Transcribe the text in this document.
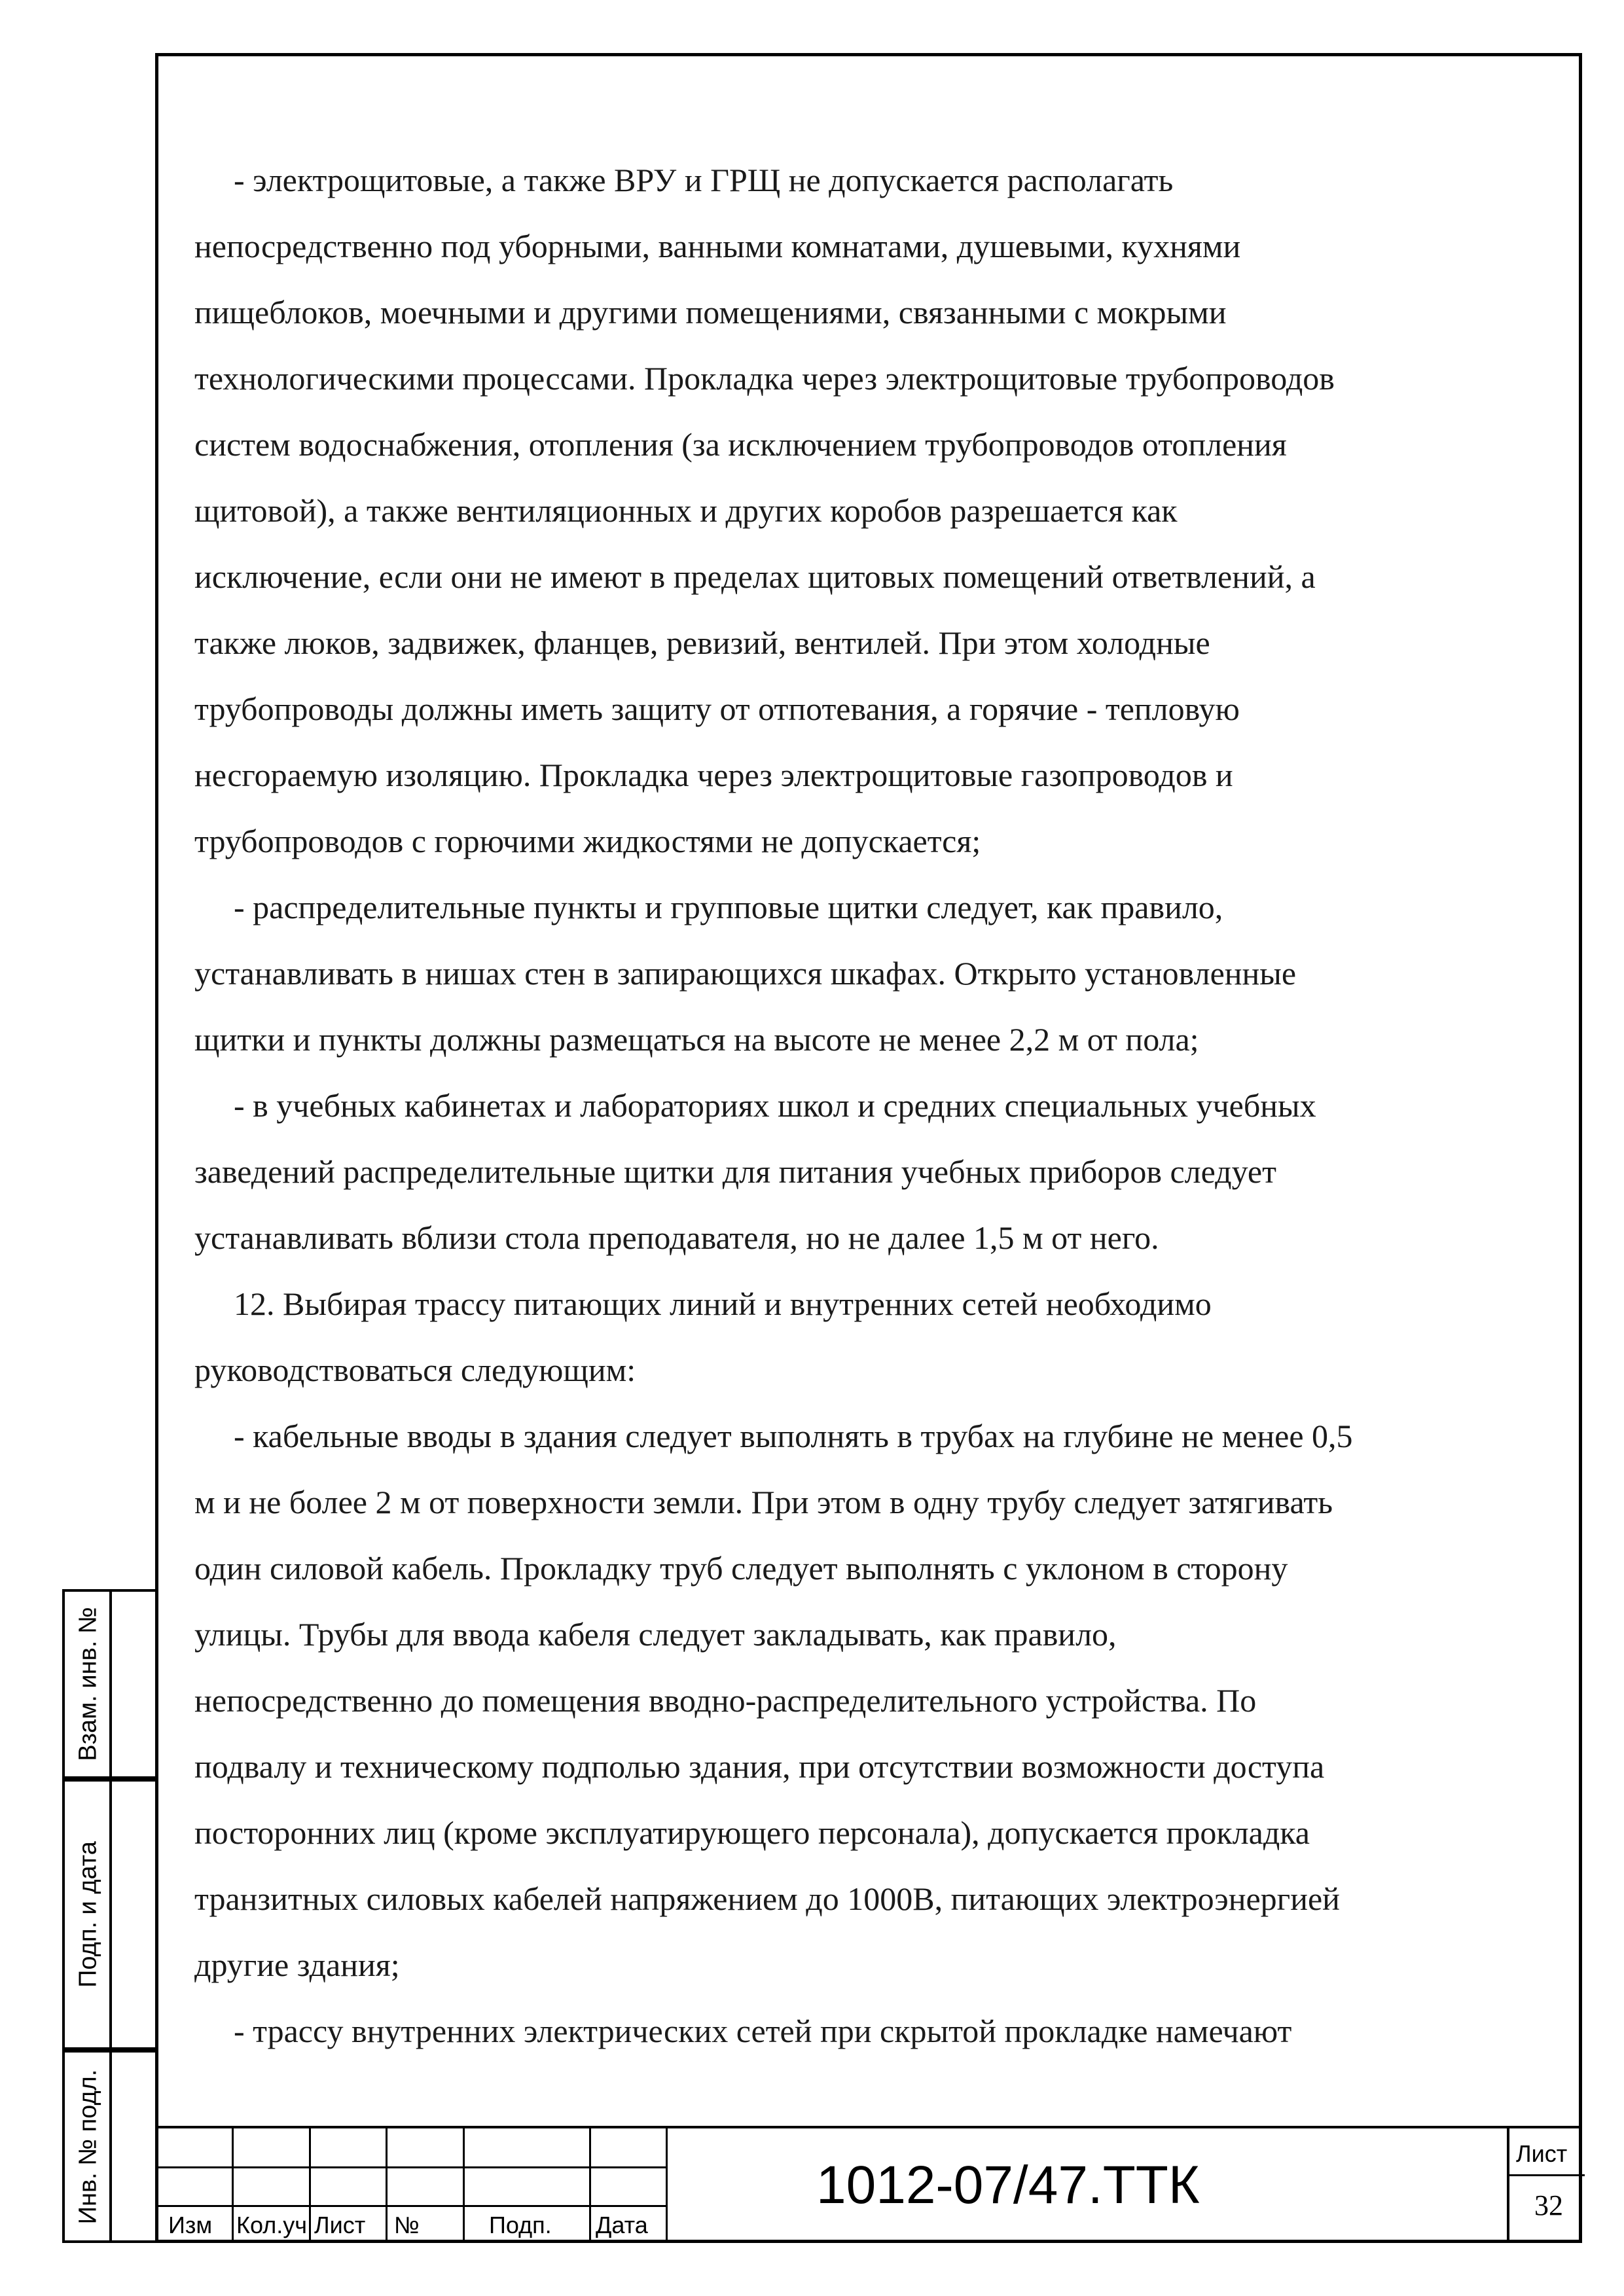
- электрощитовые, а также ВРУ и ГРЩ не допускается располагать
непосредственно под уборными, ванными комнатами, душевыми, кухнями
пищеблоков, моечными и другими помещениями, связанными с мокрыми
технологическими процессами. Прокладка через электрощитовые трубопроводов
систем водоснабжения, отопления (за исключением трубопроводов отопления
щитовой), а также вентиляционных и других коробов разрешается как
исключение, если они не имеют в пределах щитовых помещений ответвлений, а
также люков, задвижек, фланцев, ревизий, вентилей. При этом холодные
трубопроводы должны иметь защиту от отпотевания, а горячие - тепловую
несгораемую изоляцию. Прокладка через электрощитовые газопроводов и
трубопроводов с горючими жидкостями не допускается;

- распределительные пункты и групповые щитки следует, как правило,
устанавливать в нишах стен в запирающихся шкафах. Открыто установленные
щитки и пункты должны размещаться на высоте не менее 2,2 м от пола;

- в учебных кабинетах и лабораториях школ и средних специальных учебных
заведений распределительные щитки для питания учебных приборов следует
устанавливать вблизи стола преподавателя, но не далее 1,5 м от него.

12. Выбирая трассу питающих линий и внутренних сетей необходимо
руководствоваться следующим:

- кабельные вводы в здания следует выполнять в трубах на глубине не менее 0,5
м и не более 2 м от поверхности земли. При этом в одну трубу следует затягивать
один силовой кабель. Прокладку труб следует выполнять с уклоном в сторону
улицы. Трубы для ввода кабеля следует закладывать, как правило,
непосредственно до помещения вводно-распределительного устройства. По
подвалу и техническому подполью здания, при отсутствии возможности доступа
посторонних лиц (кроме эксплуатирующего персонала), допускается прокладка
транзитных силовых кабелей напряжением до 1000В, питающих электроэнергией
другие здания;

- трассу внутренних электрических сетей при скрытой прокладке намечают

Взам. инв. №
Подп. и дата
Инв. № подл.
Изм Кол.уч Лист №	Подп. Дата
1012-07/47.ТТК
Лист
32
